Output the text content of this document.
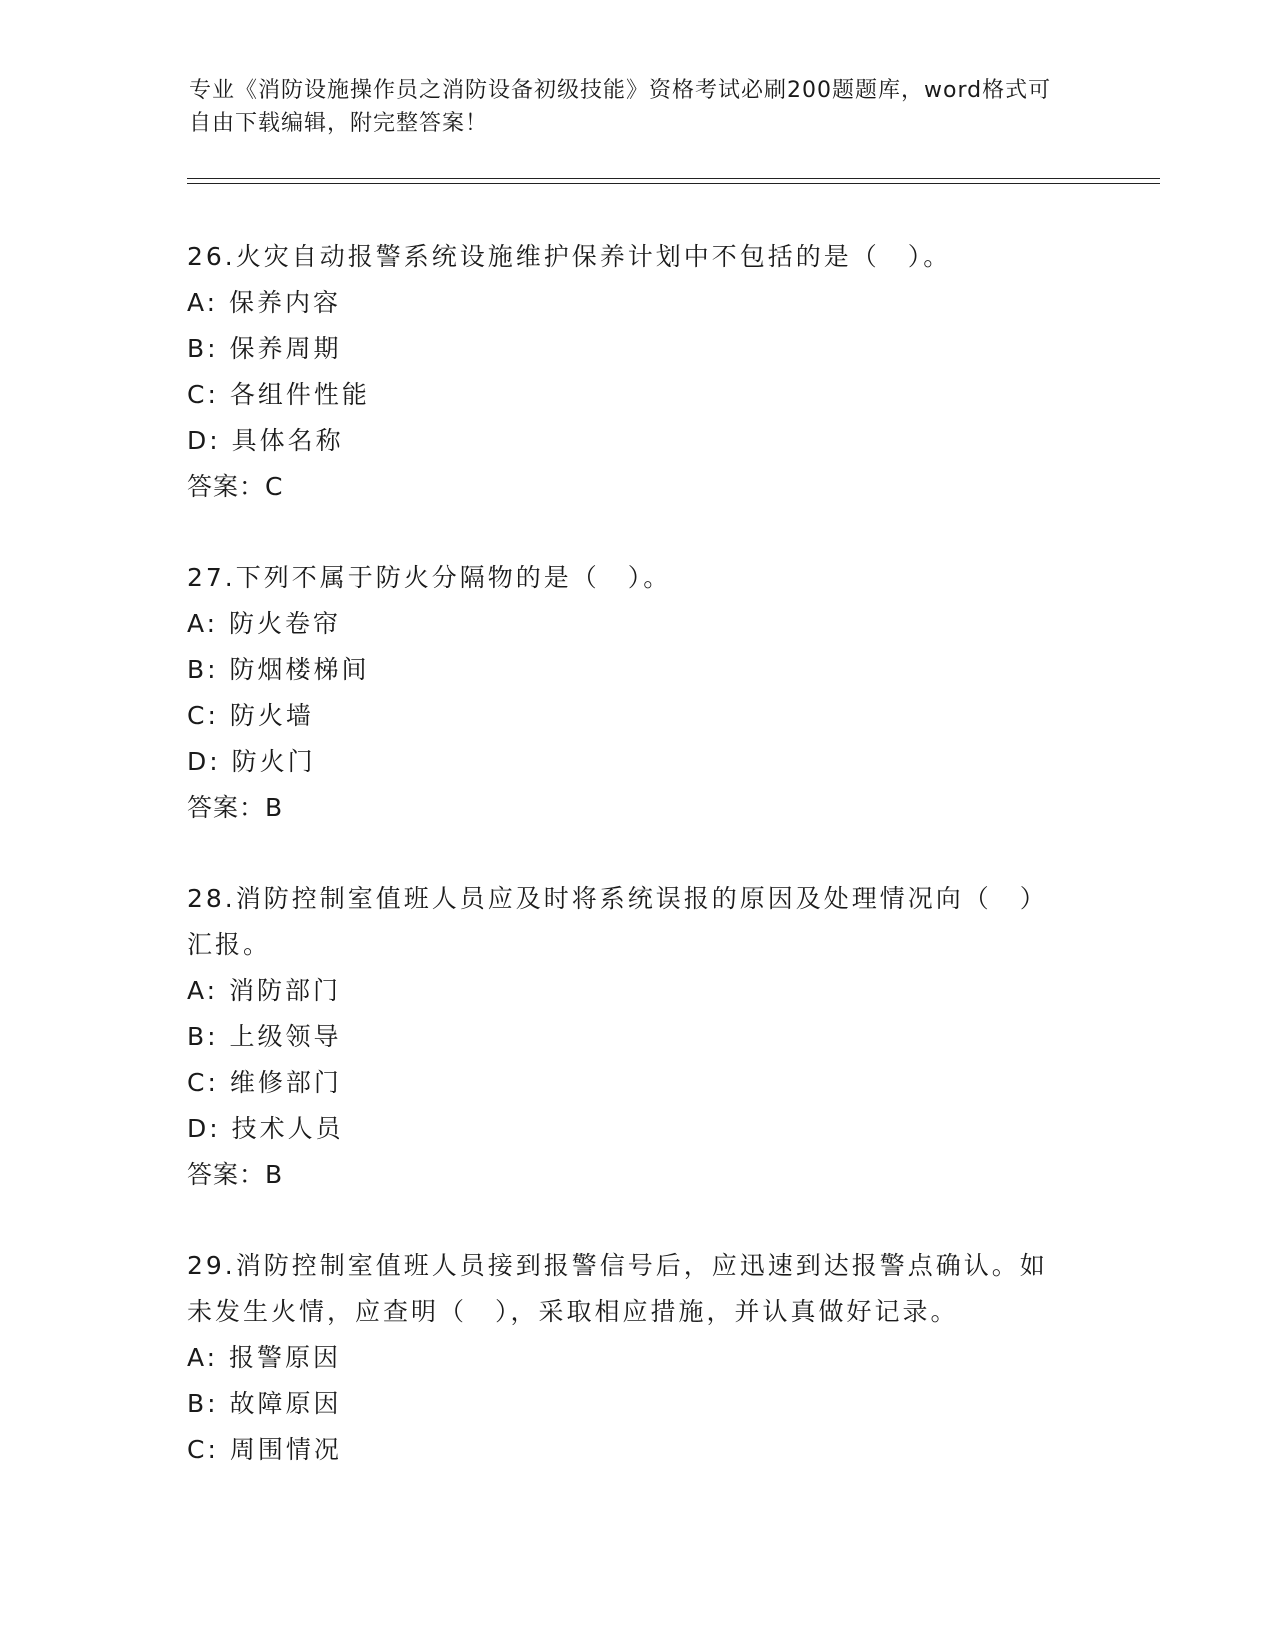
专业《消防设施操作员之消防设备初级技能》资格考试必刷200题题库，word格式可自由下载编辑，附完整答案！
26.火灾自动报警系统设施维护保养计划中不包括的是（　）。
A: 保养内容
B: 保养周期
C: 各组件性能
D: 具体名称
答案：C
27.下列不属于防火分隔物的是（　）。
A: 防火卷帘
B: 防烟楼梯间
C: 防火墙
D: 防火门
答案：B
28.消防控制室值班人员应及时将系统误报的原因及处理情况向（　）
汇报。
A: 消防部门
B: 上级领导
C: 维修部门
D: 技术人员
答案：B
29.消防控制室值班人员接到报警信号后，应迅速到达报警点确认。如
未发生火情，应查明（　），采取相应措施，并认真做好记录。
A: 报警原因
B: 故障原因
C: 周围情况
